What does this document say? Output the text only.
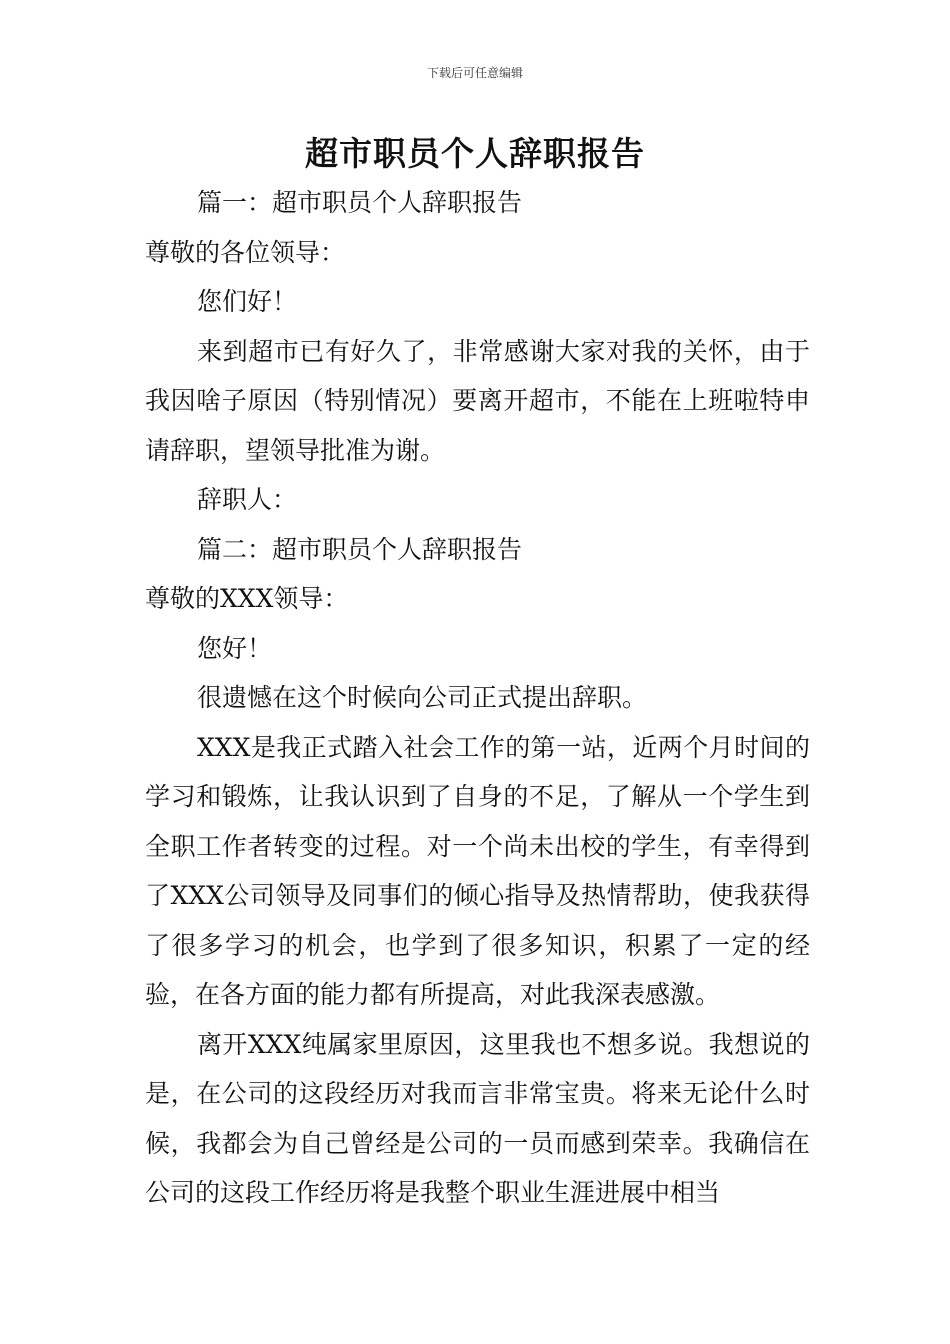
下载后可任意编辑
超市职员个人辞职报告

篇一：超市职员个人辞职报告

尊敬的各位领导：

您们好！

来到超市已有好久了，非常感谢大家对我的关怀，由于我因啥子原因（特别情况）要离开超市，不能在上班啦特申请辞职，望领导批准为谢。

辞职人：

篇二：超市职员个人辞职报告

尊敬的XXX领导：

您好！

很遗憾在这个时候向公司正式提出辞职。

XXX是我正式踏入社会工作的第一站，近两个月时间的学习和锻炼，让我认识到了自身的不足，了解从一个学生到全职工作者转变的过程。对一个尚未出校的学生，有幸得到了XXX公司领导及同事们的倾心指导及热情帮助，使我获得了很多学习的机会，也学到了很多知识，积累了一定的经验，在各方面的能力都有所提高，对此我深表感激。

离开XXX纯属家里原因，这里我也不想多说。我想说的是，在公司的这段经历对我而言非常宝贵。将来无论什么时候，我都会为自己曾经是公司的一员而感到荣幸。我确信在公司的这段工作经历将是我整个职业生涯进展中相当
